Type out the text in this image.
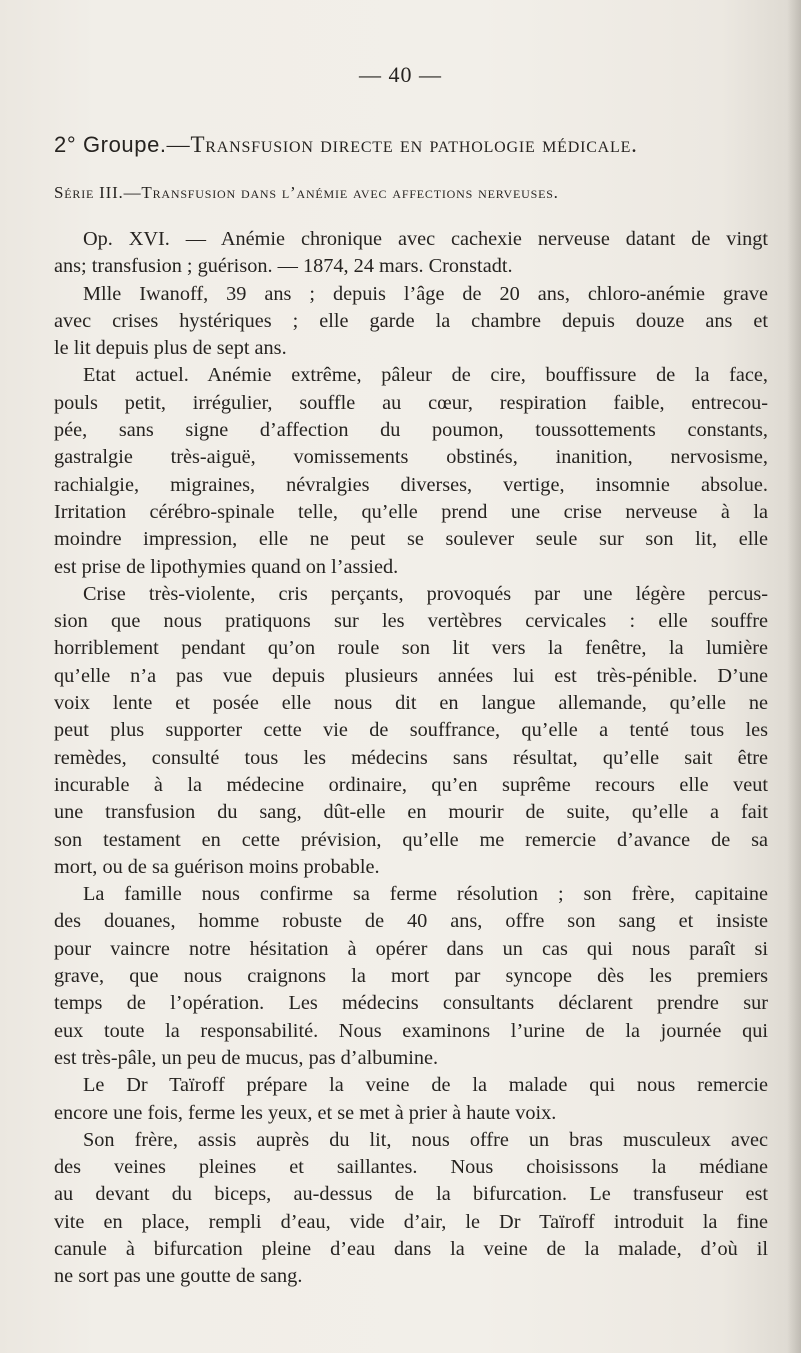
— 40 —
2° Groupe.—Transfusion directe en pathologie médicale.
Série III.—Transfusion dans l’anémie avec affections nerveuses.
Op. XVI. — Anémie chronique avec cachexie nerveuse datant de vingt
ans; transfusion ; guérison. — 1874, 24 mars. Cronstadt.
Mlle Iwanoff, 39 ans ; depuis l’âge de 20 ans, chloro-anémie grave
avec crises hystériques ; elle garde la chambre depuis douze ans et
le lit depuis plus de sept ans.
Etat actuel. Anémie extrême, pâleur de cire, bouffissure de la face,
pouls petit, irrégulier, souffle au cœur, respiration faible, entrecou-
pée, sans signe d’affection du poumon, toussottements constants,
gastralgie très-aiguë, vomissements obstinés, inanition, nervosisme,
rachialgie, migraines, névralgies diverses, vertige, insomnie absolue.
Irritation cérébro-spinale telle, qu’elle prend une crise nerveuse à la
moindre impression, elle ne peut se soulever seule sur son lit, elle
est prise de lipothymies quand on l’assied.
Crise très-violente, cris perçants, provoqués par une légère percus-
sion que nous pratiquons sur les vertèbres cervicales : elle souffre
horriblement pendant qu’on roule son lit vers la fenêtre, la lumière
qu’elle n’a pas vue depuis plusieurs années lui est très-pénible. D’une
voix lente et posée elle nous dit en langue allemande, qu’elle ne
peut plus supporter cette vie de souffrance, qu’elle a tenté tous les
remèdes, consulté tous les médecins sans résultat, qu’elle sait être
incurable à la médecine ordinaire, qu’en suprême recours elle veut
une transfusion du sang, dût-elle en mourir de suite, qu’elle a fait
son testament en cette prévision, qu’elle me remercie d’avance de sa
mort, ou de sa guérison moins probable.
La famille nous confirme sa ferme résolution ; son frère, capitaine
des douanes, homme robuste de 40 ans, offre son sang et insiste
pour vaincre notre hésitation à opérer dans un cas qui nous paraît si
grave, que nous craignons la mort par syncope dès les premiers
temps de l’opération. Les médecins consultants déclarent prendre sur
eux toute la responsabilité. Nous examinons l’urine de la journée qui
est très-pâle, un peu de mucus, pas d’albumine.
Le Dr Taïroff prépare la veine de la malade qui nous remercie
encore une fois, ferme les yeux, et se met à prier à haute voix.
Son frère, assis auprès du lit, nous offre un bras musculeux avec
des veines pleines et saillantes. Nous choisissons la médiane
au devant du biceps, au-dessus de la bifurcation. Le transfuseur est
vite en place, rempli d’eau, vide d’air, le Dr Taïroff introduit la fine
canule à bifurcation pleine d’eau dans la veine de la malade, d’où il
ne sort pas une goutte de sang.
